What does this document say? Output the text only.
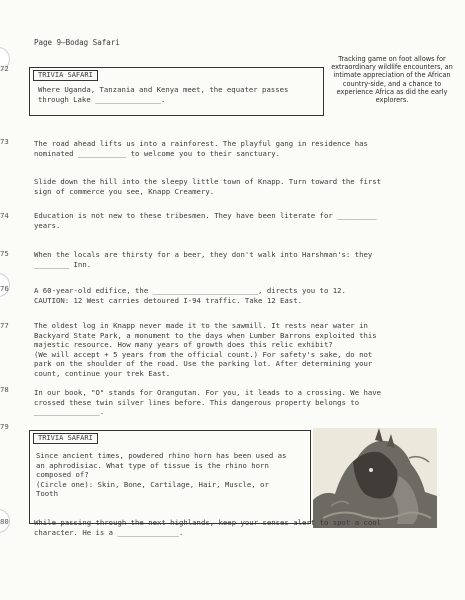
Page 9—Bodag Safari
Tracking game on foot allows for extraordinary wildlife encounters, an intimate appreciation of the African country-side, and a chance to experience Africa as did the early explorers.
72
TRIVIA SAFARI
Where Uganda, Tanzania and Kenya meet, the equater passes
through Lake _______________.
73	The road ahead lifts us into a rainforest. The playful gang in residence has
nominated ___________ to welcome you to their sanctuary.
Slide down the hill into the sleepy little town of Knapp. Turn toward the first
sign of commerce you see, Knapp Creamery.
74	Education is not new to these tribesmen. They have been literate for _________
years.
75	When the locals are thirsty for a beer, they don't walk into Harshman's: they
________ Inn.
76	A 60-year-old edifice, the ________________________, directs you to 12.
CAUTION: 12 West carries detoured I-94 traffic. Take 12 East.
77	The oldest log in Knapp never made it to the sawmill. It rests near water in
Backyard State Park, a monument to the days when Lumber Barrons exploited this
majestic resource. How many years of growth does this relic exhibit?
(We will accept + 5 years from the official count.) For safety's sake, do not
park on the shoulder of the road. Use the parking lot. After determining your
count, continue your trek East.
78	In our book, "O" stands for Orangutan. For you, it leads to a crossing. We have
crossed these twin silver lines before. This dangerous property belongs to
_______________.
79
TRIVIA SAFARI
Since ancient times, powdered rhino horn has been used as
an aphrodisiac. What type of tissue is the rhino horn
composed of?
(Circle one): Skin, Bone, Cartilage, Hair, Muscle, or
Tooth
80	While passing through the next highlands, keep your senses alert to spot a cool
character. He is a ______________.
